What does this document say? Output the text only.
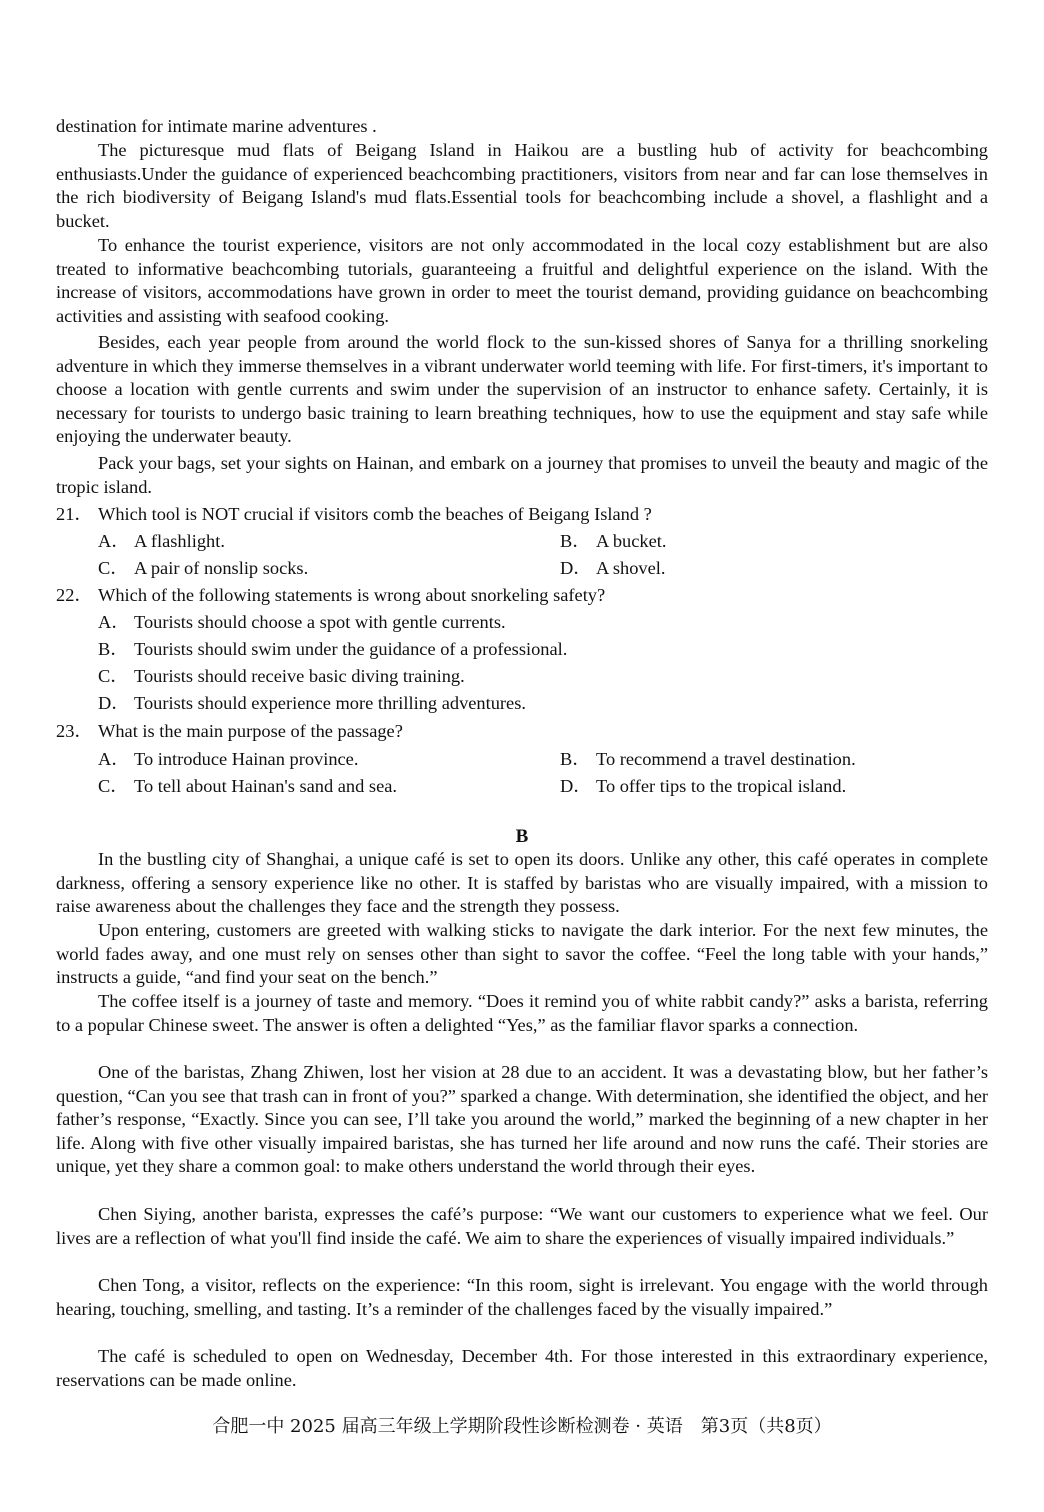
destination for intimate marine adventures .

The picturesque mud flats of Beigang Island in Haikou are a bustling hub of activity for beachcombing enthusiasts.Under the guidance of experienced beachcombing practitioners, visitors from near and far can lose themselves in the rich biodiversity of Beigang Island's mud flats.Essential tools for beachcombing include a shovel, a flashlight and a bucket.

To enhance the tourist experience, visitors are not only accommodated in the local cozy establishment but are also treated to informative beachcombing tutorials, guaranteeing a fruitful and delightful experience on the island. With the increase of visitors, accommodations have grown in order to meet the tourist demand, providing guidance on beachcombing activities and assisting with seafood cooking.

Besides, each year people from around the world flock to the sun-kissed shores of Sanya for a thrilling snorkeling adventure in which they immerse themselves in a vibrant underwater world teeming with life. For first-timers, it's important to choose a location with gentle currents and swim under the supervision of an instructor to enhance safety. Certainly, it is necessary for tourists to undergo basic training to learn breathing techniques, how to use the equipment and stay safe while enjoying the underwater beauty.

Pack your bags, set your sights on Hainan, and embark on a journey that promises to unveil the beauty and magic of the tropic island.

21． Which tool is NOT crucial if visitors comb the beaches of Beigang Island ?
A． A flashlight.	B． A bucket.
C． A pair of nonslip socks.	D． A shovel.
22． Which of the following statements is wrong about snorkeling safety?
A． Tourists should choose a spot with gentle currents.
B． Tourists should swim under the guidance of a professional.
C． Tourists should receive basic diving training.
D． Tourists should experience more thrilling adventures.
23． What is the main purpose of the passage?
A． To introduce Hainan province.	B． To recommend a travel destination.
C． To tell about Hainan's sand and sea.	D． To offer tips to the tropical island.
B

In the bustling city of Shanghai, a unique café is set to open its doors. Unlike any other, this café operates in complete darkness, offering a sensory experience like no other. It is staffed by baristas who are visually impaired, with a mission to raise awareness about the challenges they face and the strength they possess.

Upon entering, customers are greeted with walking sticks to navigate the dark interior. For the next few minutes, the world fades away, and one must rely on senses other than sight to savor the coffee. “Feel the long table with your hands,” instructs a guide, “and find your seat on the bench.”

The coffee itself is a journey of taste and memory. “Does it remind you of white rabbit candy?” asks a barista, referring to a popular Chinese sweet. The answer is often a delighted “Yes,” as the familiar flavor sparks a connection.

One of the baristas, Zhang Zhiwen, lost her vision at 28 due to an accident. It was a devastating blow, but her father’s question, “Can you see that trash can in front of you?” sparked a change. With determination, she identified the object, and her father’s response, “Exactly. Since you can see, I’ll take you around the world,” marked the beginning of a new chapter in her life. Along with five other visually impaired baristas, she has turned her life around and now runs the café. Their stories are unique, yet they share a common goal: to make others understand the world through their eyes.

Chen Siying, another barista, expresses the café’s purpose: “We want our customers to experience what we feel. Our lives are a reflection of what you'll find inside the café. We aim to share the experiences of visually impaired individuals.”

Chen Tong, a visitor, reflects on the experience: “In this room, sight is irrelevant. You engage with the world through hearing, touching, smelling, and tasting. It’s a reminder of the challenges faced by the visually impaired.”

The café is scheduled to open on Wednesday, December 4th. For those interested in this extraordinary experience, reservations can be made online.

合肥一中 2025 届高三年级上学期阶段性诊断检测卷 · 英语　第3页（共8页）
